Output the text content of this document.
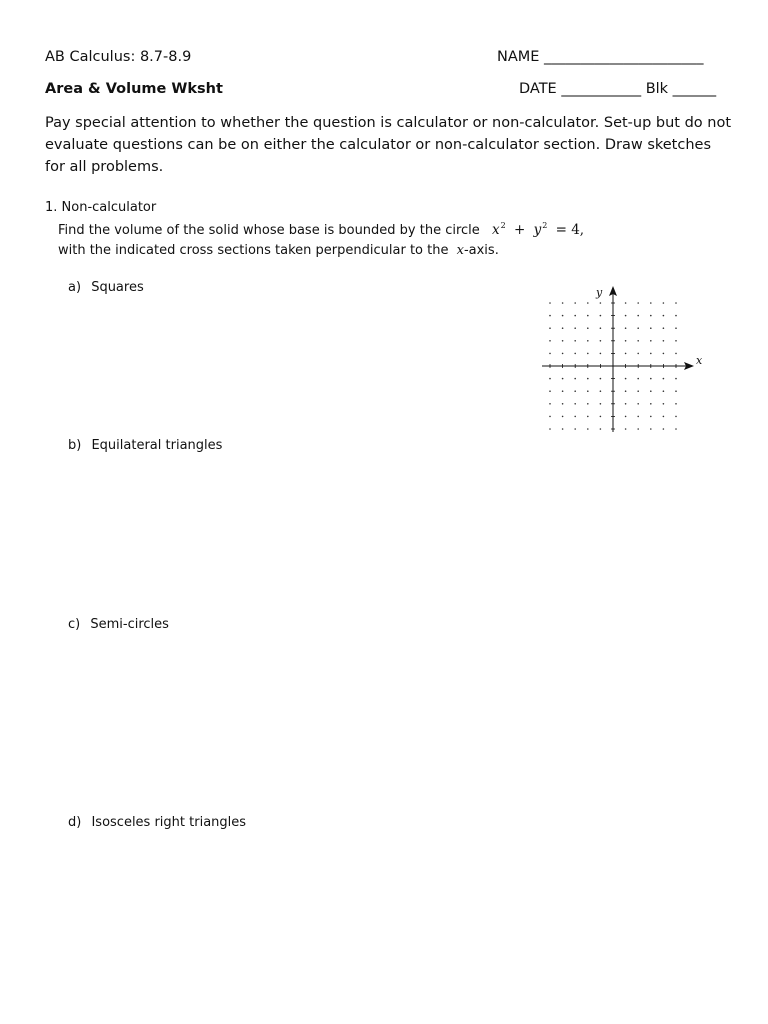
AB Calculus: 8.7-8.9	NAME ______________________
Area & Volume Wksht	DATE ___________ Blk ______
Pay special attention to whether the question is calculator or non-calculator. Set-up but do not evaluate questions can be on either the calculator or non-calculator section. Draw sketches for all problems.
1. Non-calculator
Find the volume of the solid whose base is bounded by the circle $x^2 + y^2 = 4$,
with the indicated cross sections taken perpendicular to the x-axis.
a) Squares
b) Equilateral triangles
c) Semi-circles
d) Isosceles right triangles
x
y
